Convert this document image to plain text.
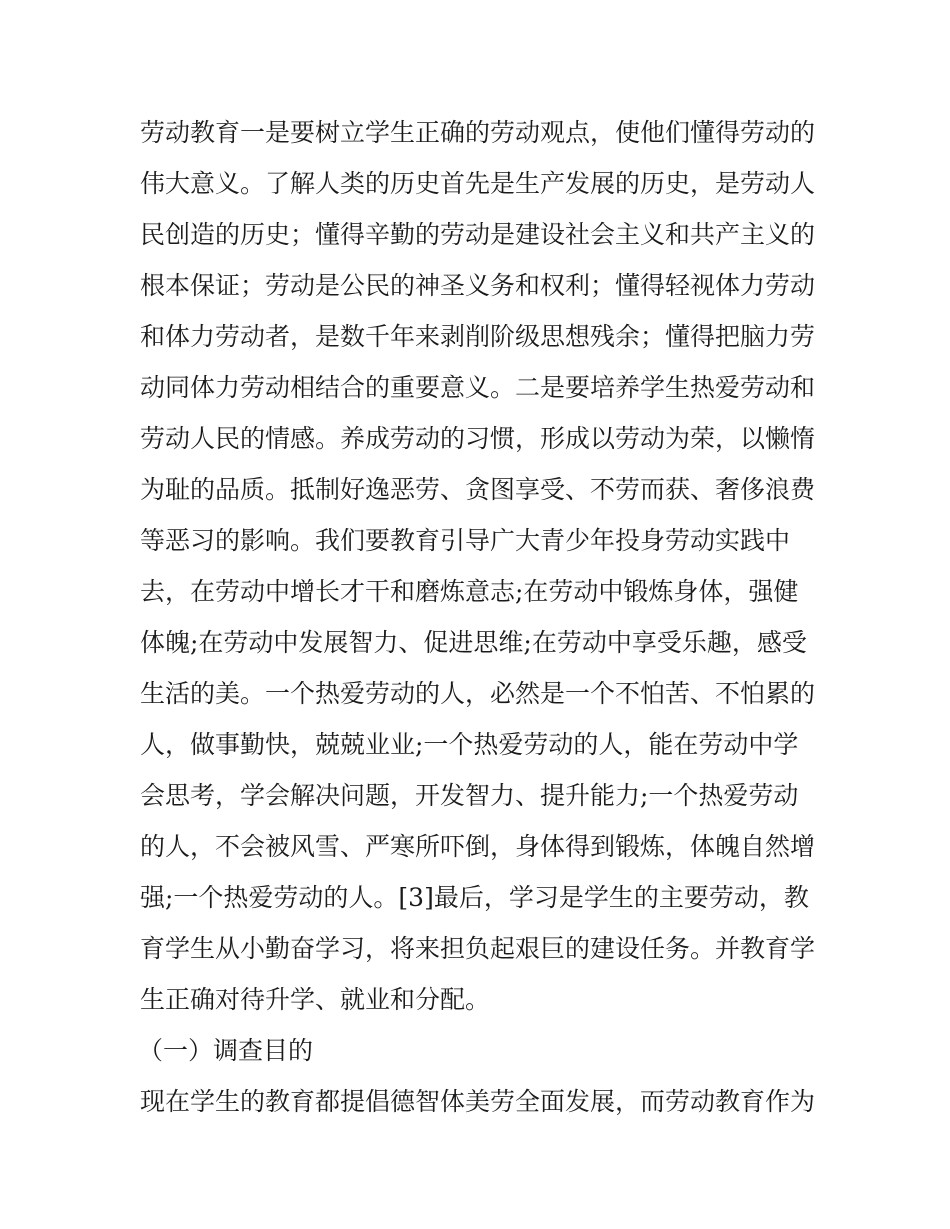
劳动教育一是要树立学生正确的劳动观点，使他们懂得劳动的
伟大意义。了解人类的历史首先是生产发展的历史，是劳动人
民创造的历史；懂得辛勤的劳动是建设社会主义和共产主义的
根本保证；劳动是公民的神圣义务和权利；懂得轻视体力劳动
和体力劳动者，是数千年来剥削阶级思想残余；懂得把脑力劳
动同体力劳动相结合的重要意义。二是要培养学生热爱劳动和
劳动人民的情感。养成劳动的习惯，形成以劳动为荣，以懒惰
为耻的品质。抵制好逸恶劳、贪图享受、不劳而获、奢侈浪费
等恶习的影响。我们要教育引导广大青少年投身劳动实践中
去，在劳动中增长才干和磨炼意志;在劳动中锻炼身体，强健
体魄;在劳动中发展智力、促进思维;在劳动中享受乐趣，感受
生活的美。一个热爱劳动的人，必然是一个不怕苦、不怕累的
人，做事勤快，兢兢业业;一个热爱劳动的人，能在劳动中学
会思考，学会解决问题，开发智力、提升能力;一个热爱劳动
的人，不会被风雪、严寒所吓倒，身体得到锻炼，体魄自然增
强;一个热爱劳动的人。[3]最后，学习是学生的主要劳动，教
育学生从小勤奋学习，将来担负起艰巨的建设任务。并教育学
生正确对待升学、就业和分配。
（一）调查目的
现在学生的教育都提倡德智体美劳全面发展，而劳动教育作为
